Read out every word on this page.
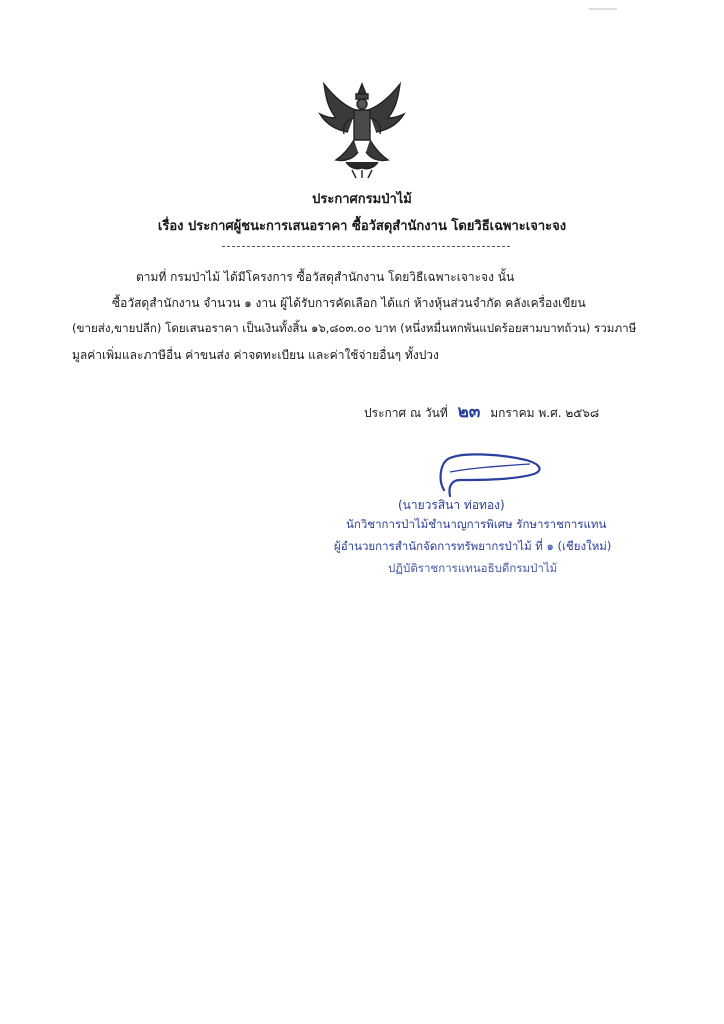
ประกาศกรมป่าไม้
เรื่อง ประกาศผู้ชนะการเสนอราคา ซื้อวัสดุสำนักงาน โดยวิธีเฉพาะเจาะจง
ตามที่ กรมป่าไม้ ได้มีโครงการ ซื้อวัสดุสำนักงาน โดยวิธีเฉพาะเจาะจง นั้น
ซื้อวัสดุสำนักงาน จำนวน ๑ งาน ผู้ได้รับการคัดเลือก ได้แก่ ห้างหุ้นส่วนจำกัด คลังเครื่องเขียน
(ขายส่ง,ขายปลีก) โดยเสนอราคา เป็นเงินทั้งสิ้น ๑๖,๘๐๓.๐๐ บาท (หนึ่งหมื่นหกพันแปดร้อยสามบาทถ้วน) รวมภาษี
มูลค่าเพิ่มและภาษีอื่น ค่าขนส่ง ค่าจดทะเบียน และค่าใช้จ่ายอื่นๆ ทั้งปวง
ประกาศ ณ วันที่ ๒๓ มกราคม พ.ศ. ๒๕๖๘
(นายวรสินา ท่อทอง)
นักวิชาการป่าไม้ชำนาญการพิเศษ รักษาราชการแทน
ผู้อำนวยการสำนักจัดการทรัพยากรป่าไม้ ที่ ๑ (เชียงใหม่)
ปฏิบัติราชการแทนอธิบดีกรมป่าไม้
